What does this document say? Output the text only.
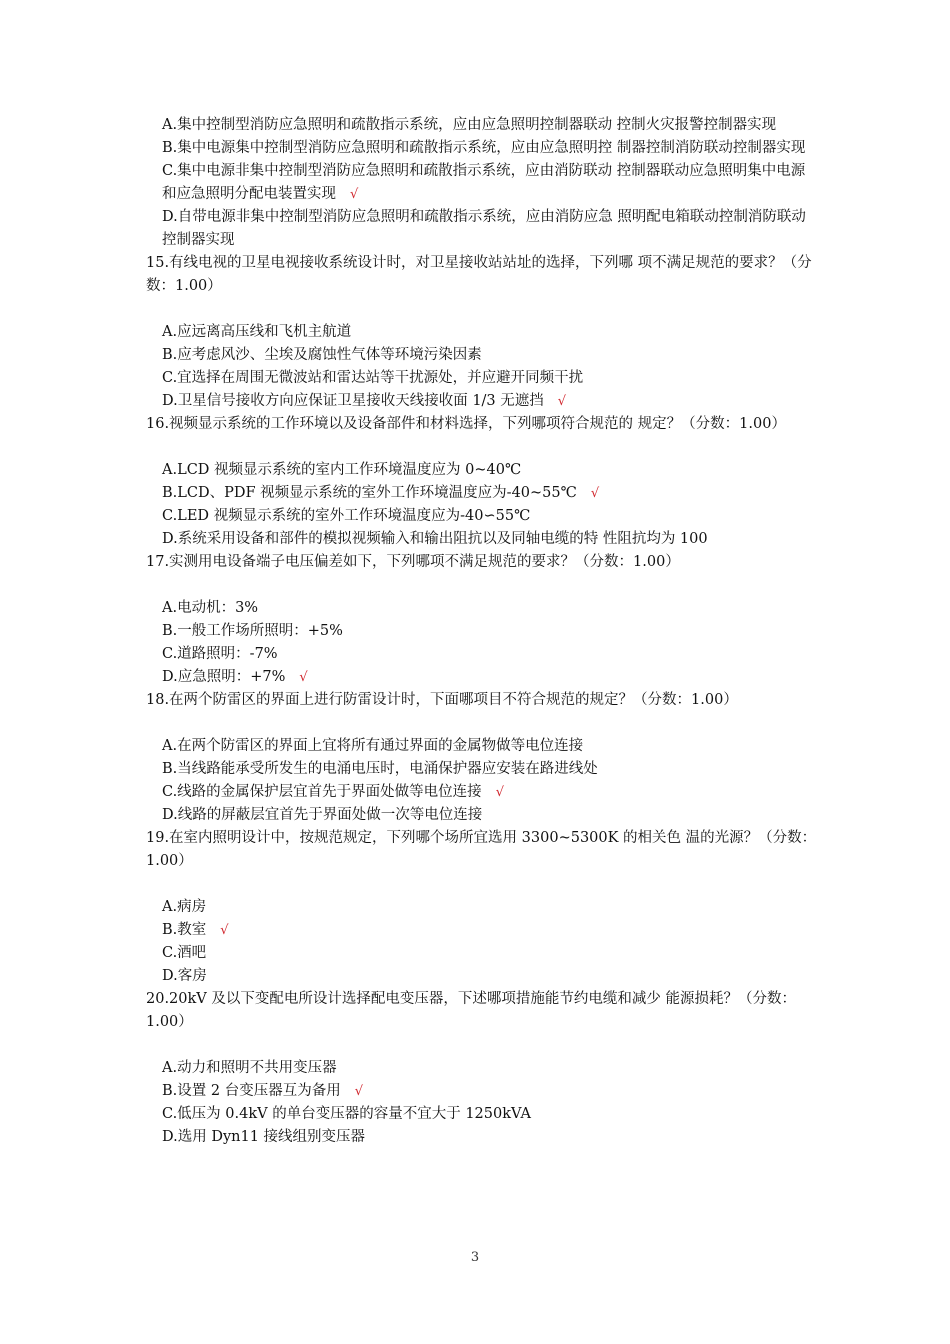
A.集中控制型消防应急照明和疏散指示系统，应由应急照明控制器联动 控制火灾报警控制器实现

B.集中电源集中控制型消防应急照明和疏散指示系统，应由应急照明控 制器控制消防联动控制器实现

C.集中电源非集中控制型消防应急照明和疏散指示系统，应由消防联动 控制器联动应急照明集中电源和应急照明分配电装置实现 √

D.自带电源非集中控制型消防应急照明和疏散指示系统，应由消防应急 照明配电箱联动控制消防联动控制器实现

15.有线电视的卫星电视接收系统设计时，对卫星接收站站址的选择，下列哪 项不满足规范的要求？（分数：1.00）

A.应远离高压线和飞机主航道

B.应考虑风沙、尘埃及腐蚀性气体等环境污染因素

C.宜选择在周围无微波站和雷达站等干扰源处，并应避开同频干扰

D.卫星信号接收方向应保证卫星接收天线接收面 1/3 无遮挡 √

16.视频显示系统的工作环境以及设备部件和材料选择，下列哪项符合规范的 规定？（分数：1.00）

A.LCD 视频显示系统的室内工作环境温度应为 0~40℃

B.LCD、PDF 视频显示系统的室外工作环境温度应为-40~55℃ √

C.LED 视频显示系统的室外工作环境温度应为-40∽55℃

D.系统采用设备和部件的模拟视频输入和输出阻抗以及同轴电缆的特 性阻抗均为 100

17.实测用电设备端子电压偏差如下，下列哪项不满足规范的要求？（分数：1.00）

A.电动机：3%

B.一般工作场所照明：+5%

C.道路照明：-7%

D.应急照明：+7% √

18.在两个防雷区的界面上进行防雷设计时，下面哪项目不符合规范的规定？（分数：1.00）

A.在两个防雷区的界面上宜将所有通过界面的金属物做等电位连接

B.当线路能承受所发生的电涌电压时，电涌保护器应安装在路进线处

C.线路的金属保护层宜首先于界面处做等电位连接 √

D.线路的屏蔽层宜首先于界面处做一次等电位连接

19.在室内照明设计中，按规范规定，下列哪个场所宜选用 3300~5300K 的相关色 温的光源？（分数：1.00）

A.病房

B.教室 √

C.酒吧

D.客房

20.20kV 及以下变配电所设计选择配电变压器，下述哪项措施能节约电缆和减少 能源损耗？（分数：1.00）

A.动力和照明不共用变压器

B.设置 2 台变压器互为备用 √

C.低压为 0.4kV 的单台变压器的容量不宜大于 1250kVA

D.选用 Dyn11 接线组别变压器

3
